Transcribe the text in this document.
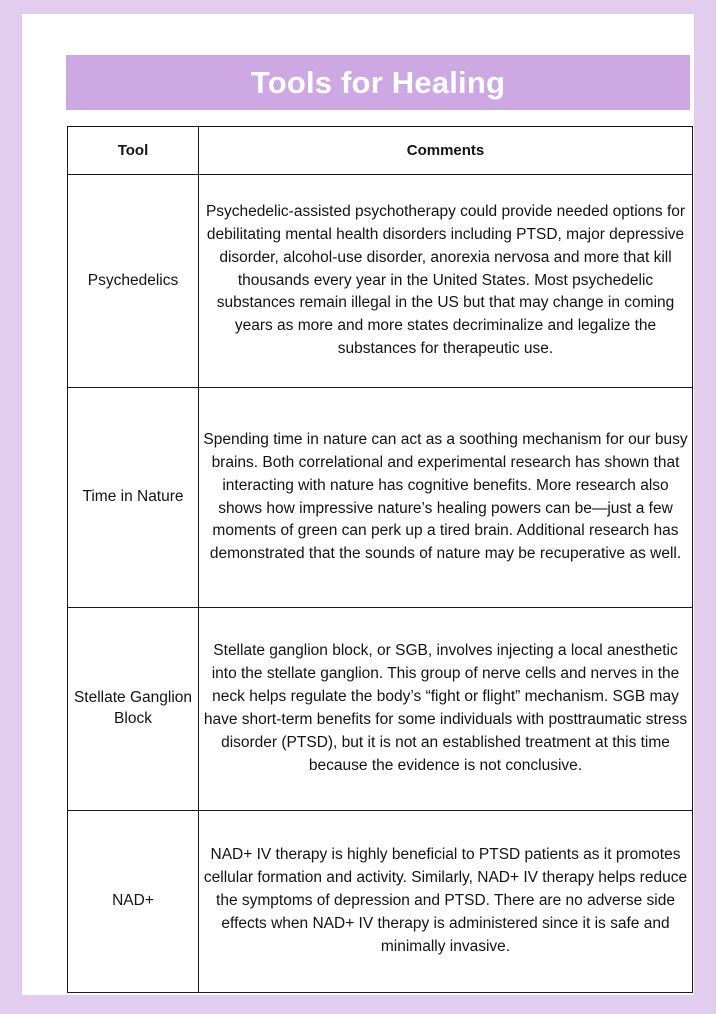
Tools for Healing
Tool	Comments
Psychedelics	Psychedelic-assisted psychotherapy could provide needed options for debilitating mental health disorders including PTSD, major depressive disorder, alcohol-use disorder, anorexia nervosa and more that kill thousands every year in the United States. Most psychedelic substances remain illegal in the US but that may change in coming years as more and more states decriminalize and legalize the substances for therapeutic use.
Time in Nature	Spending time in nature can act as a soothing mechanism for our busy brains. Both correlational and experimental research has shown that interacting with nature has cognitive benefits. More research also shows how impressive nature’s healing powers can be—just a few moments of green can perk up a tired brain. Additional research has demonstrated that the sounds of nature may be recuperative as well.
Stellate Ganglion Block	Stellate ganglion block, or SGB, involves injecting a local anesthetic into the stellate ganglion. This group of nerve cells and nerves in the neck helps regulate the body’s “fight or flight” mechanism. SGB may have short-term benefits for some individuals with posttraumatic stress disorder (PTSD), but it is not an established treatment at this time because the evidence is not conclusive.
NAD+	NAD+ IV therapy is highly beneficial to PTSD patients as it promotes cellular formation and activity. Similarly, NAD+ IV therapy helps reduce the symptoms of depression and PTSD. There are no adverse side effects when NAD+ IV therapy is administered since it is safe and minimally invasive.
